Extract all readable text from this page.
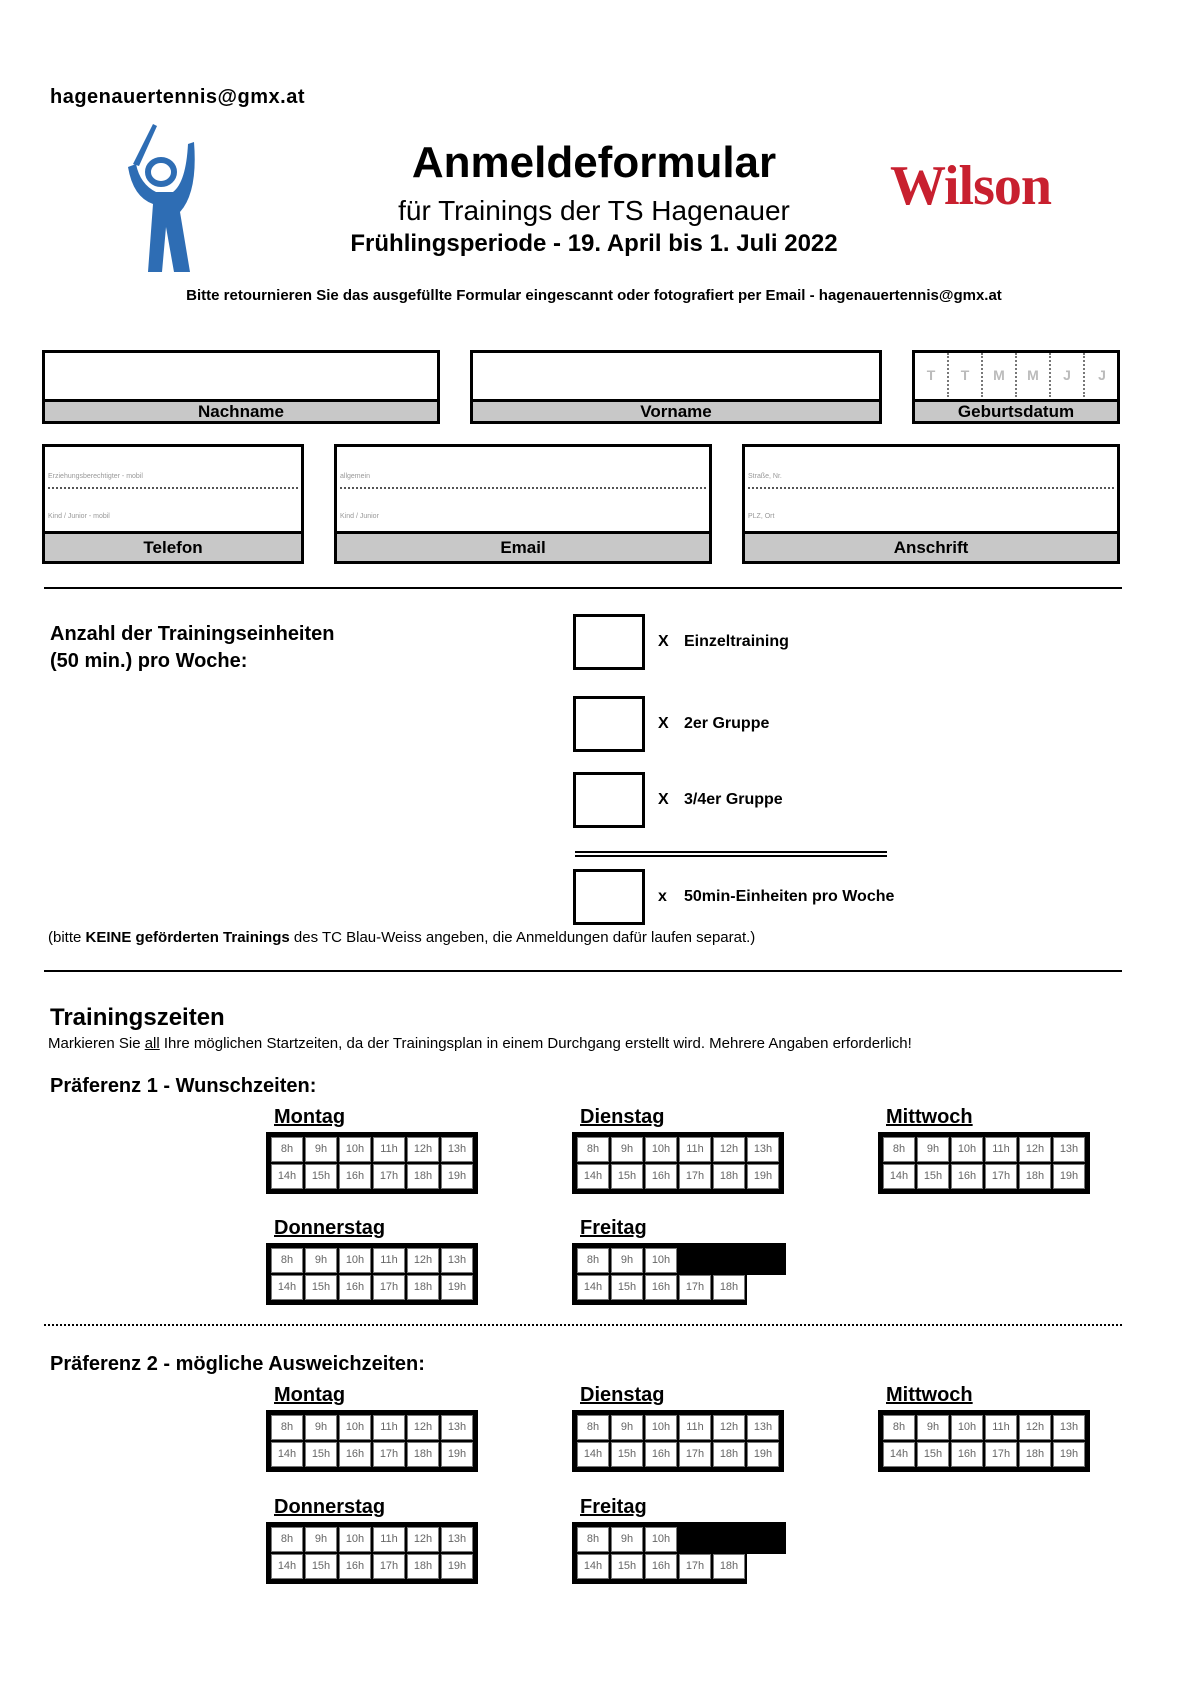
hagenauertennis@gmx.at
Anmeldeformular
für Trainings der TS Hagenauer
Frühlingsperiode - 19. April bis 1. Juli 2022
Wilson
Bitte retournieren Sie das ausgefüllte Formular eingescannt oder fotografiert per Email - hagenauertennis@gmx.at
Nachname	Vorname
T	T	M	M	J	J
Geburtsdatum
Erziehungsberechtigter - mobil
Kind / Junior - mobil
Telefon
allgemein
Kind / Junior
Email
Straße, Nr.
PLZ, Ort
Anschrift
Anzahl der Trainingseinheiten
(50 min.) pro Woche:
X Einzeltraining
X 2er Gruppe
X 3/4er Gruppe
x 50min-Einheiten pro Woche
(bitte KEINE geförderten Trainings des TC Blau-Weiss angeben, die Anmeldungen dafür laufen separat.)
Trainingszeiten
Markieren Sie all Ihre möglichen Startzeiten, da der Trainingsplan in einem Durchgang erstellt wird. Mehrere Angaben erforderlich!
Präferenz 1 - Wunschzeiten:
Montag
8h	9h	10h	11h	12h	13h
14h	15h	16h	17h	18h	19h
Dienstag
8h	9h	10h	11h	12h	13h
14h	15h	16h	17h	18h	19h
Mittwoch
8h	9h	10h	11h	12h	13h
14h	15h	16h	17h	18h	19h
Donnerstag
8h	9h	10h	11h	12h	13h
14h	15h	16h	17h	18h	19h
Freitag
8h	9h	10h
14h	15h	16h	17h	18h
Präferenz 2 - mögliche Ausweichzeiten:
Montag
8h	9h	10h	11h	12h	13h
14h	15h	16h	17h	18h	19h
Dienstag
8h	9h	10h	11h	12h	13h
14h	15h	16h	17h	18h	19h
Mittwoch
8h	9h	10h	11h	12h	13h
14h	15h	16h	17h	18h	19h
Donnerstag
8h	9h	10h	11h	12h	13h
14h	15h	16h	17h	18h	19h
Freitag
8h	9h	10h
14h	15h	16h	17h	18h
